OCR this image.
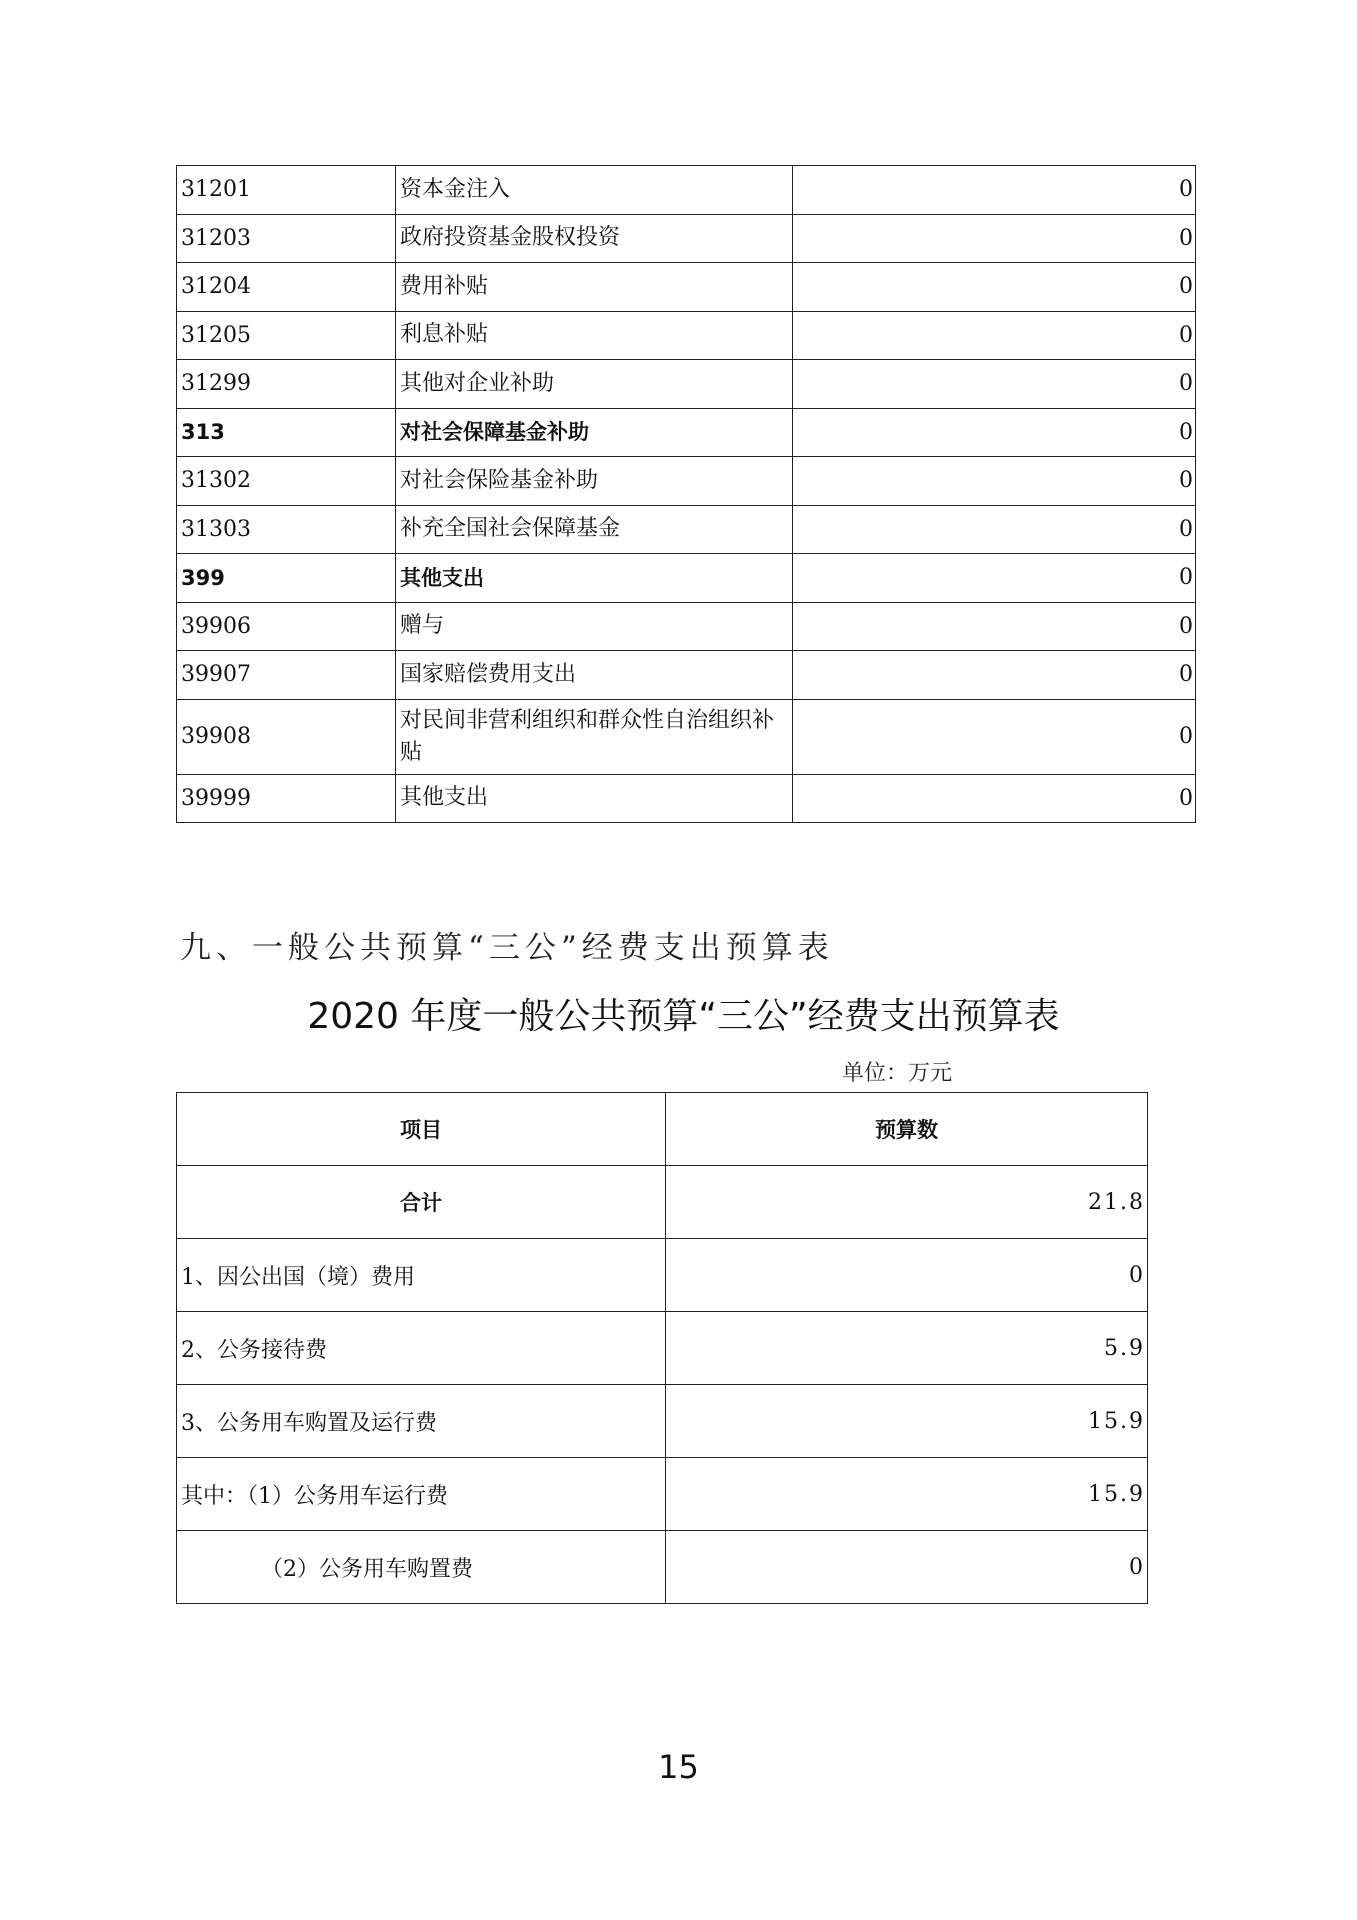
31201	资本金注入	0
31203	政府投资基金股权投资	0
31204	费用补贴	0
31205	利息补贴	0
31299	其他对企业补助	0
313	对社会保障基金补助	0
31302	对社会保险基金补助	0
31303	补充全国社会保障基金	0
399	其他支出	0
39906	赠与	0
39907	国家赔偿费用支出	0
39908	对民间非营利组织和群众性自治组织补贴	0
39999	其他支出	0
九、一般公共预算“三公”经费支出预算表
2020 年度一般公共预算“三公”经费支出预算表
单位：万元
项目	预算数
合计	21.8
1、因公出国（境）费用	0
2、公务接待费	5.9
3、公务用车购置及运行费	15.9
其中：（1）公务用车运行费	15.9
（2）公务用车购置费	0
15
